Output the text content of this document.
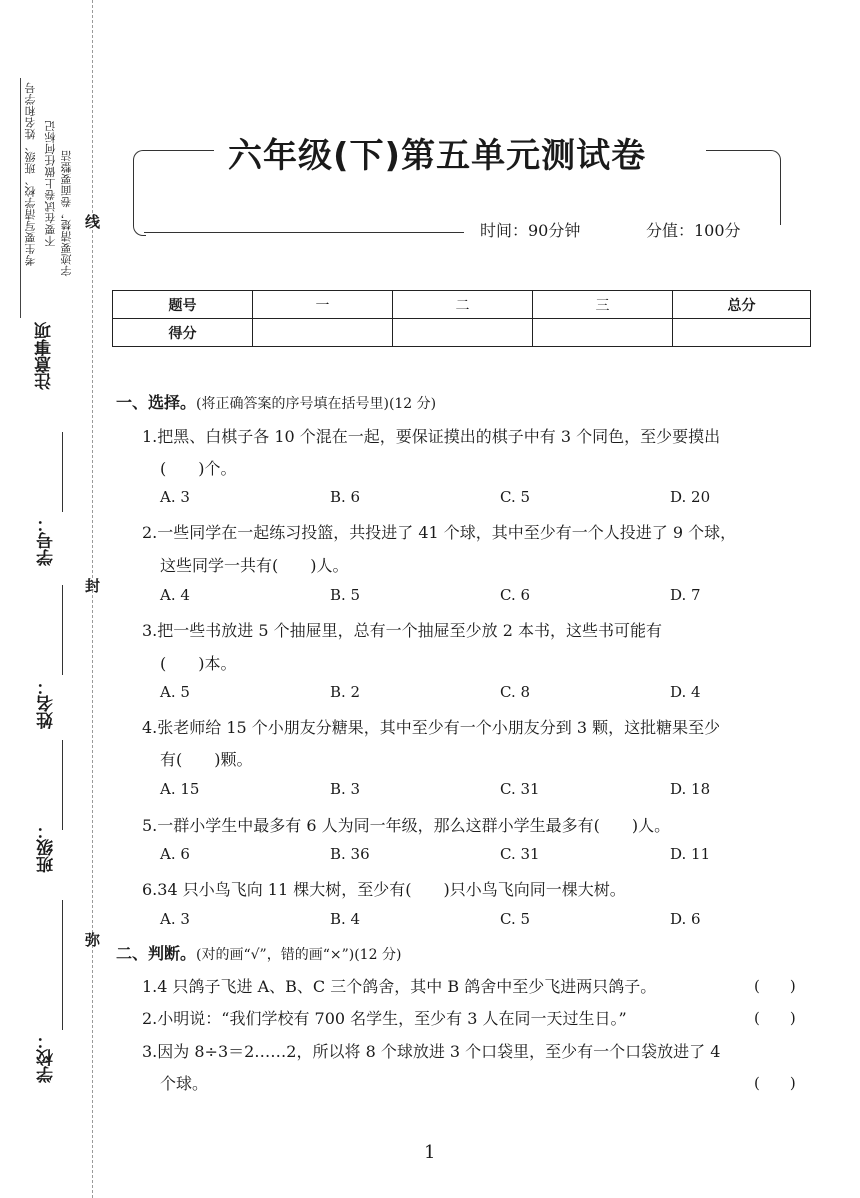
考生要写清学校、班级、姓名和学号 不要在试卷上做任何标记 字迹要清楚，卷面要整洁
注意事项
学号：
姓名：
班级：
学校：
线
封
弥
六年级(下)第五单元测试卷
时间：90分钟	分值：100分
题号	一	二	三	总分
得分				
一、选择。(将正确答案的序号填在括号里)(12 分)
1.把黑、白棋子各 10 个混在一起，要保证摸出的棋子中有 3 个同色，至少要摸出
(　　)个。
A. 3	B. 6	C. 5	D. 20
2.一些同学在一起练习投篮，共投进了 41 个球，其中至少有一个人投进了 9 个球，
这些同学一共有(　　)人。
A. 4	B. 5	C. 6	D. 7
3.把一些书放进 5 个抽屉里，总有一个抽屉至少放 2 本书，这些书可能有
(　　)本。
A. 5	B. 2	C. 8	D. 4
4.张老师给 15 个小朋友分糖果，其中至少有一个小朋友分到 3 颗，这批糖果至少
有(　　)颗。
A. 15	B. 3	C. 31	D. 18
5.一群小学生中最多有 6 人为同一年级，那么这群小学生最多有(　　)人。
A. 6	B. 36	C. 31	D. 11
6.34 只小鸟飞向 11 棵大树，至少有(　　)只小鸟飞向同一棵大树。
A. 3	B. 4	C. 5	D. 6
二、判断。(对的画“√”，错的画“×”)(12 分)
1.4 只鸽子飞进 A、B、C 三个鸽舍，其中 B 鸽舍中至少飞进两只鸽子。	(　　)
2.小明说：“我们学校有 700 名学生，至少有 3 人在同一天过生日。”	(　　)
3.因为 8÷3＝2……2，所以将 8 个球放进 3 个口袋里，至少有一个口袋放进了 4
个球。	(　　)
1
